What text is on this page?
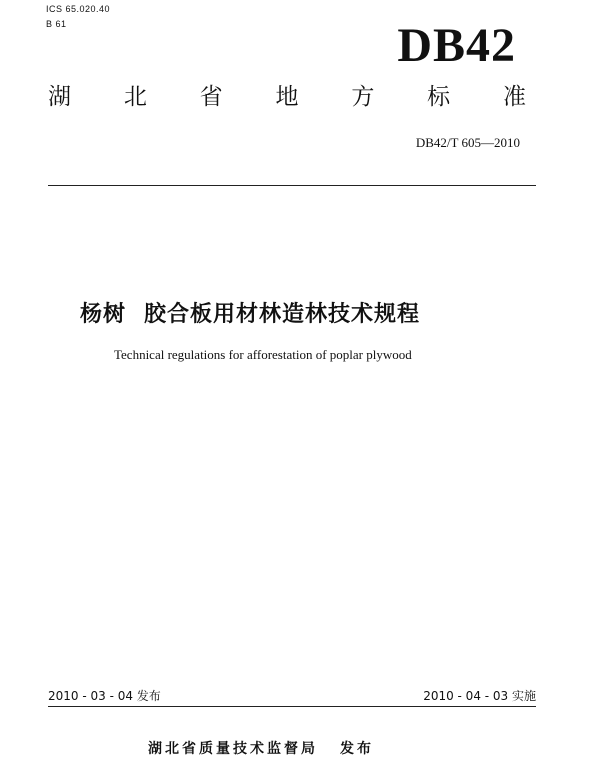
ICS 65.020.40
B 61	DB42
湖 北 省 地 方 标 准
DB42/T 605—2010
杨树 胶合板用材林造林技术规程
Technical regulations for afforestation of poplar plywood
2010 - 03 - 04 发布	2010 - 04 - 03 实施
湖北省质量技术监督局 发布
